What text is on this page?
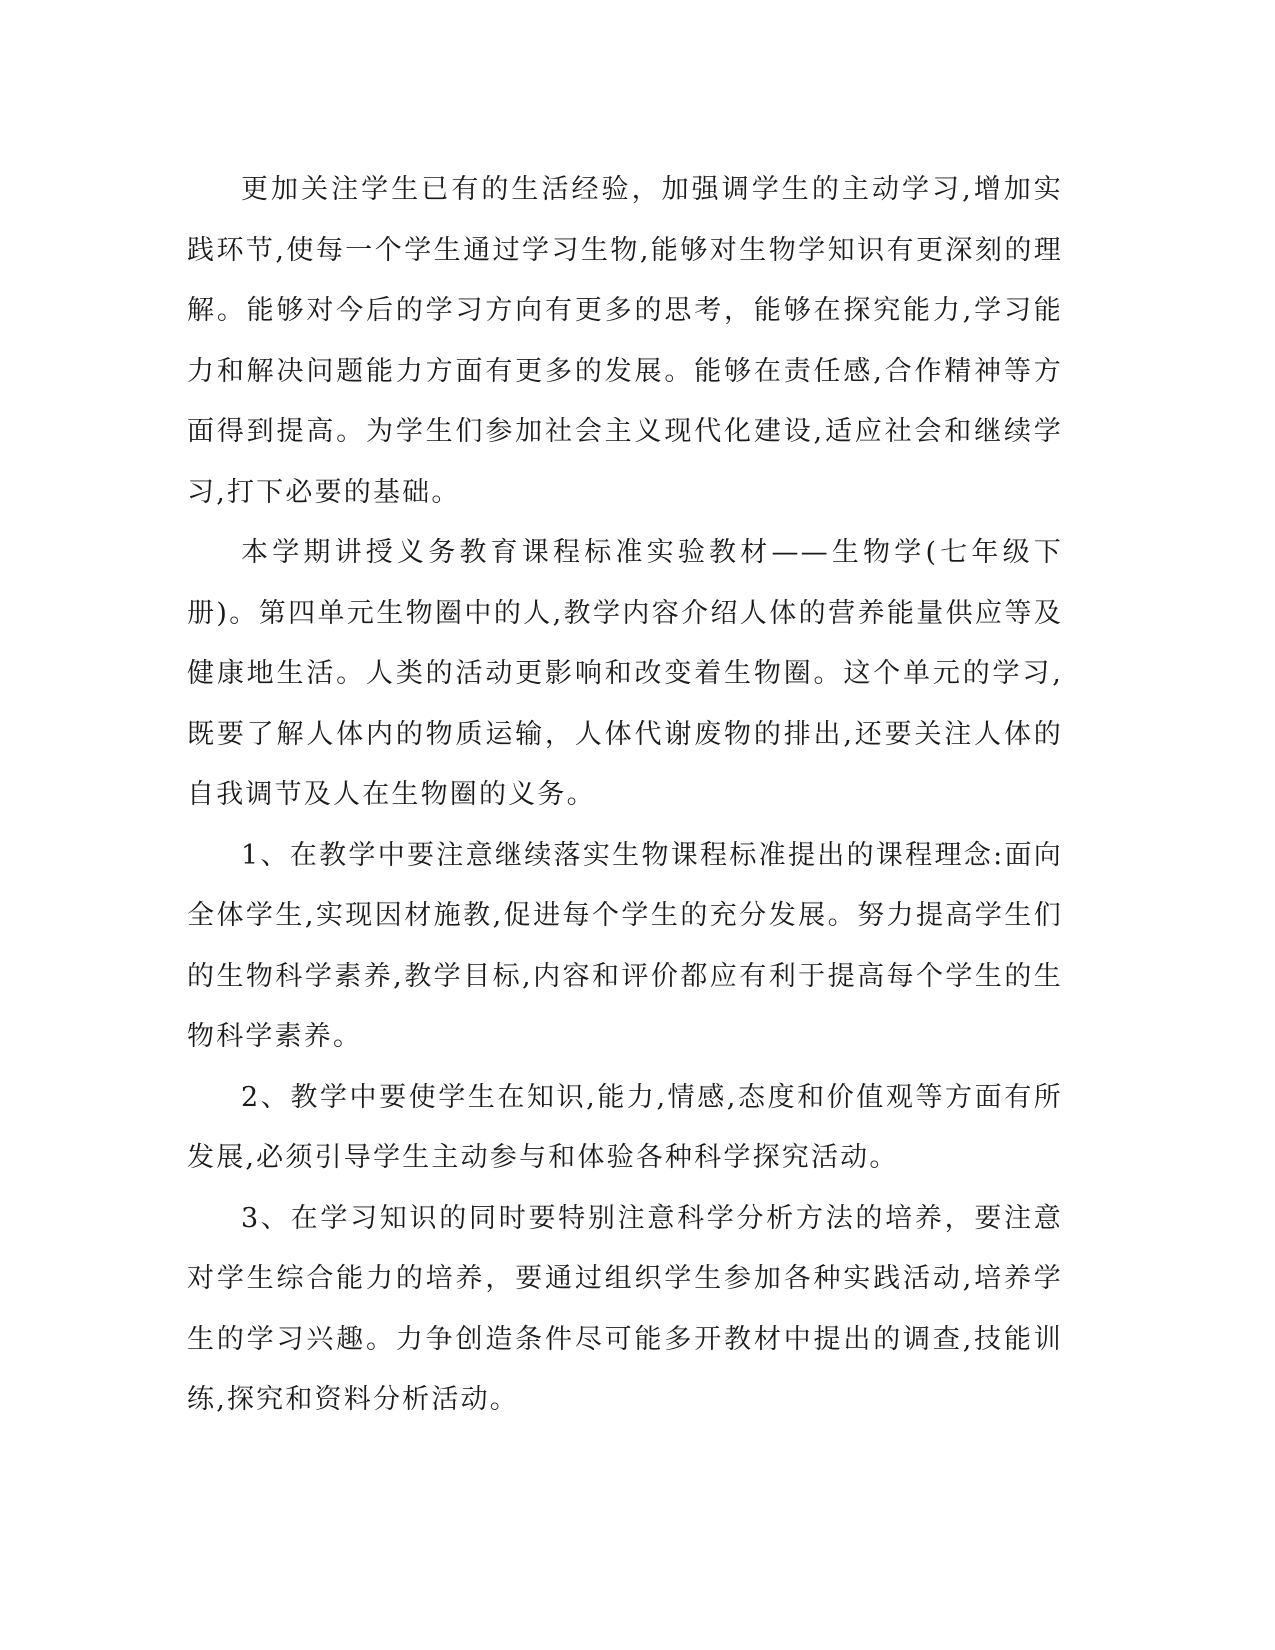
更加关注学生已有的生活经验，加强调学生的主动学习,增加实践环节,使每一个学生通过学习生物,能够对生物学知识有更深刻的理解。能够对今后的学习方向有更多的思考，能够在探究能力,学习能力和解决问题能力方面有更多的发展。能够在责任感,合作精神等方面得到提高。为学生们参加社会主义现代化建设,适应社会和继续学习,打下必要的基础。

本学期讲授义务教育课程标准实验教材——生物学(七年级下册)。第四单元生物圈中的人,教学内容介绍人体的营养能量供应等及健康地生活。人类的活动更影响和改变着生物圈。这个单元的学习,既要了解人体内的物质运输，人体代谢废物的排出,还要关注人体的自我调节及人在生物圈的义务。

1、在教学中要注意继续落实生物课程标准提出的课程理念:面向全体学生,实现因材施教,促进每个学生的充分发展。努力提高学生们的生物科学素养,教学目标,内容和评价都应有利于提高每个学生的生物科学素养。

2、教学中要使学生在知识,能力,情感,态度和价值观等方面有所发展,必须引导学生主动参与和体验各种科学探究活动。

3、在学习知识的同时要特别注意科学分析方法的培养，要注意对学生综合能力的培养，要通过组织学生参加各种实践活动,培养学生的学习兴趣。力争创造条件尽可能多开教材中提出的调查,技能训练,探究和资料分析活动。
